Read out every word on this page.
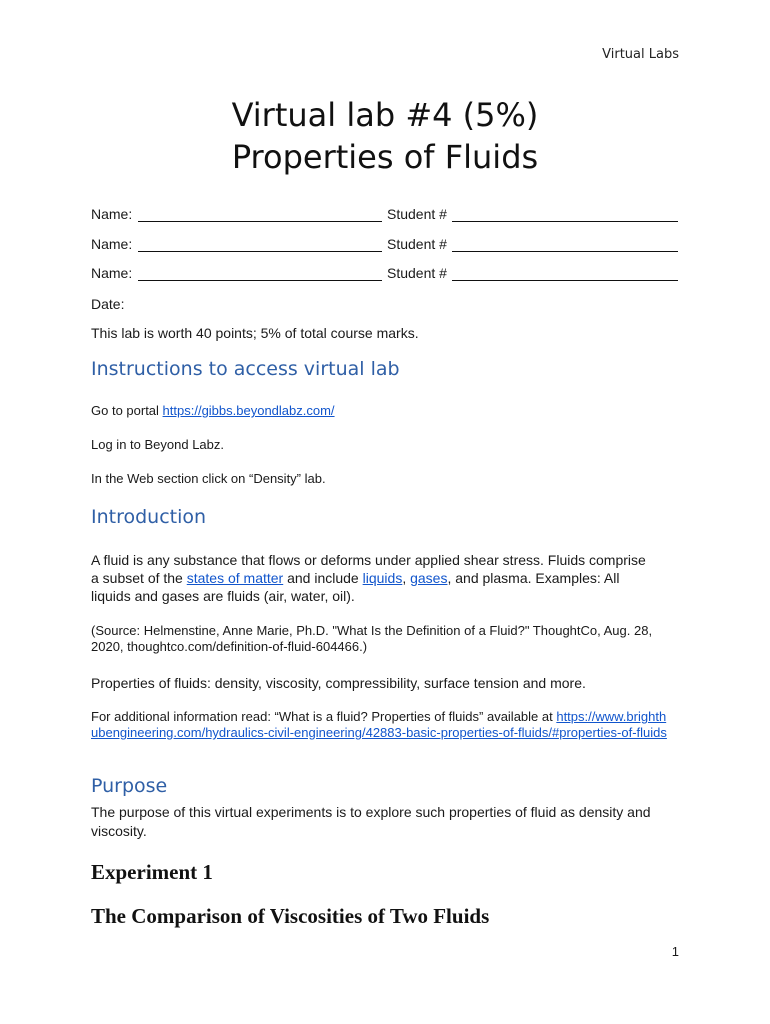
Virtual Labs
Virtual lab #4 (5%)
Properties of Fluids
Name:	Student #
Name:	Student #
Name:	Student #
Date:
This lab is worth 40 points; 5% of total course marks.
Instructions to access virtual lab
Go to portal https://gibbs.beyondlabz.com/
Log in to Beyond Labz.
In the Web section click on “Density” lab.
Introduction
A fluid is any substance that flows or deforms under applied shear stress. Fluids comprise a subset of the states of matter and include liquids, gases, and plasma. Examples: All liquids and gases are fluids (air, water, oil).
(Source: Helmenstine, Anne Marie, Ph.D. "What Is the Definition of a Fluid?" ThoughtCo, Aug. 28, 2020, thoughtco.com/definition-of-fluid-604466.)
Properties of fluids: density, viscosity, compressibility, surface tension and more.
For additional information read: “What is a fluid? Properties of fluids” available at https://www.brighthubengineering.com/hydraulics-civil-engineering/42883-basic-properties-of-fluids/#properties-of-fluids
Purpose
The purpose of this virtual experiments is to explore such properties of fluid as density and viscosity.
Experiment 1
The Comparison of Viscosities of Two Fluids
1
